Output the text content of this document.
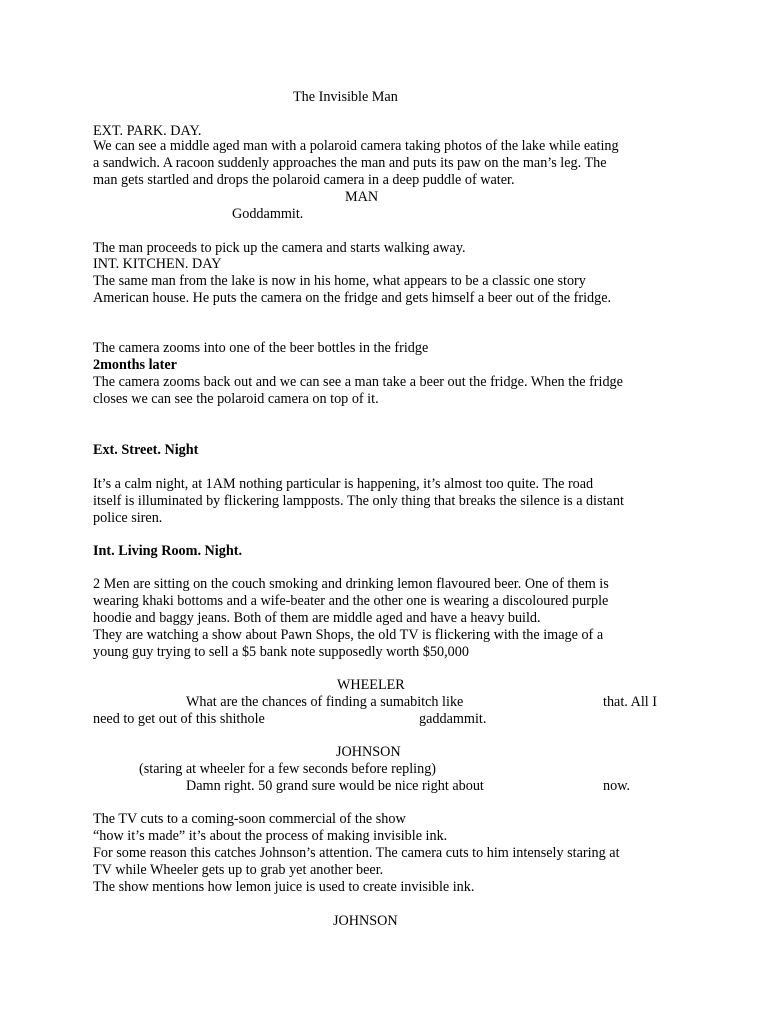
The Invisible Man
EXT. PARK. DAY.
We can see a middle aged man with a polaroid camera taking photos of the lake while eating
a sandwich. A racoon suddenly approaches the man and puts its paw on the man’s leg. The
man gets startled and drops the polaroid camera in a deep puddle of water.
MAN
Goddammit.
The man proceeds to pick up the camera and starts walking away.
INT. KITCHEN. DAY
The same man from the lake is now in his home, what appears to be a classic one story
American house. He puts the camera on the fridge and gets himself a beer out of the fridge.
The camera zooms into one of the beer bottles in the fridge
2months later
The camera zooms back out and we can see a man take a beer out the fridge. When the fridge
closes we can see the polaroid camera on top of it.
Ext. Street. Night
It’s a calm night, at 1AM nothing particular is happening, it’s almost too quite. The road
itself is illuminated by flickering lampposts. The only thing that breaks the silence is a distant
police siren.
Int. Living Room. Night.
2 Men are sitting on the couch smoking and drinking lemon flavoured beer. One of them is
wearing khaki bottoms and a wife-beater and the other one is wearing a discoloured purple
hoodie and baggy jeans. Both of them are middle aged and have a heavy build.
They are watching a show about Pawn Shops, the old TV is flickering with the image of a
young guy trying to sell a $5 bank note supposedly worth $50,000
WHEELER
What are the chances of finding a sumabitch like	that. All I
need to get out of this shithole	gaddammit.
JOHNSON
(staring at wheeler for a few seconds before repling)
Damn right. 50 grand sure would be nice right about	now.
The TV cuts to a coming-soon commercial of the show
“how it’s made” it’s about the process of making invisible ink.
For some reason this catches Johnson’s attention. The camera cuts to him intensely staring at
TV while Wheeler gets up to grab yet another beer.
The show mentions how lemon juice is used to create invisible ink.
JOHNSON
